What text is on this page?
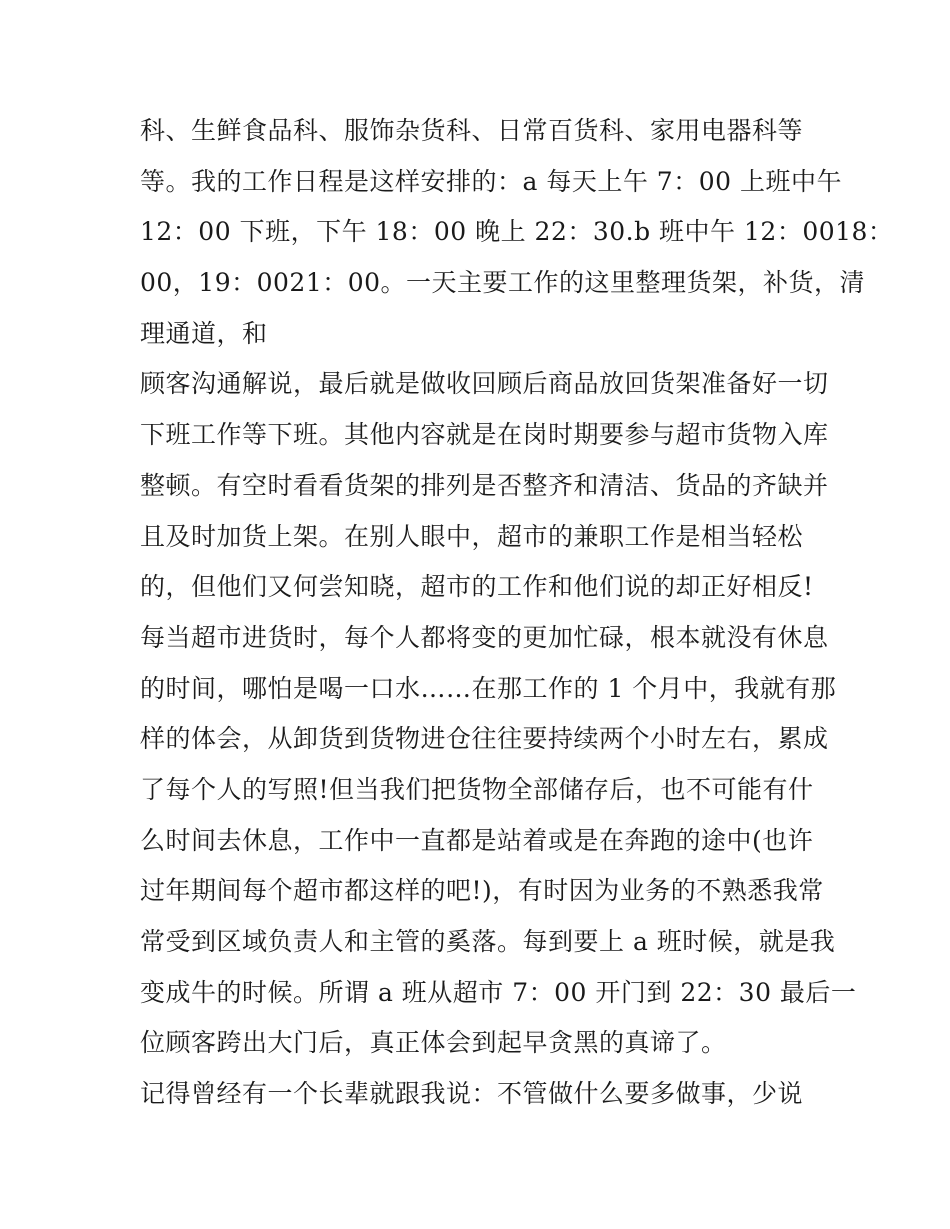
科、生鲜食品科、服饰杂货科、日常百货科、家用电器科等
等。我的工作日程是这样安排的：a 每天上午 7：00 上班中午
12：00 下班，下午 18：00 晚上 22：30.b 班中午 12：0018：
00，19：0021：00。一天主要工作的这里整理货架，补货，清
理通道，和
顾客沟通解说，最后就是做收回顾后商品放回货架准备好一切
下班工作等下班。其他内容就是在岗时期要参与超市货物入库
整顿。有空时看看货架的排列是否整齐和清洁、货品的齐缺并
且及时加货上架。在别人眼中，超市的兼职工作是相当轻松
的，但他们又何尝知晓，超市的工作和他们说的却正好相反!
每当超市进货时，每个人都将变的更加忙碌，根本就没有休息
的时间，哪怕是喝一口水……在那工作的 1 个月中，我就有那
样的体会，从卸货到货物进仓往往要持续两个小时左右，累成
了每个人的写照!但当我们把货物全部储存后，也不可能有什
么时间去休息，工作中一直都是站着或是在奔跑的途中(也许
过年期间每个超市都这样的吧!)，有时因为业务的不熟悉我常
常受到区域负责人和主管的奚落。每到要上 a 班时候，就是我
变成牛的时候。所谓 a 班从超市 7：00 开门到 22：30 最后一
位顾客跨出大门后，真正体会到起早贪黑的真谛了。
记得曾经有一个长辈就跟我说：不管做什么要多做事，少说
